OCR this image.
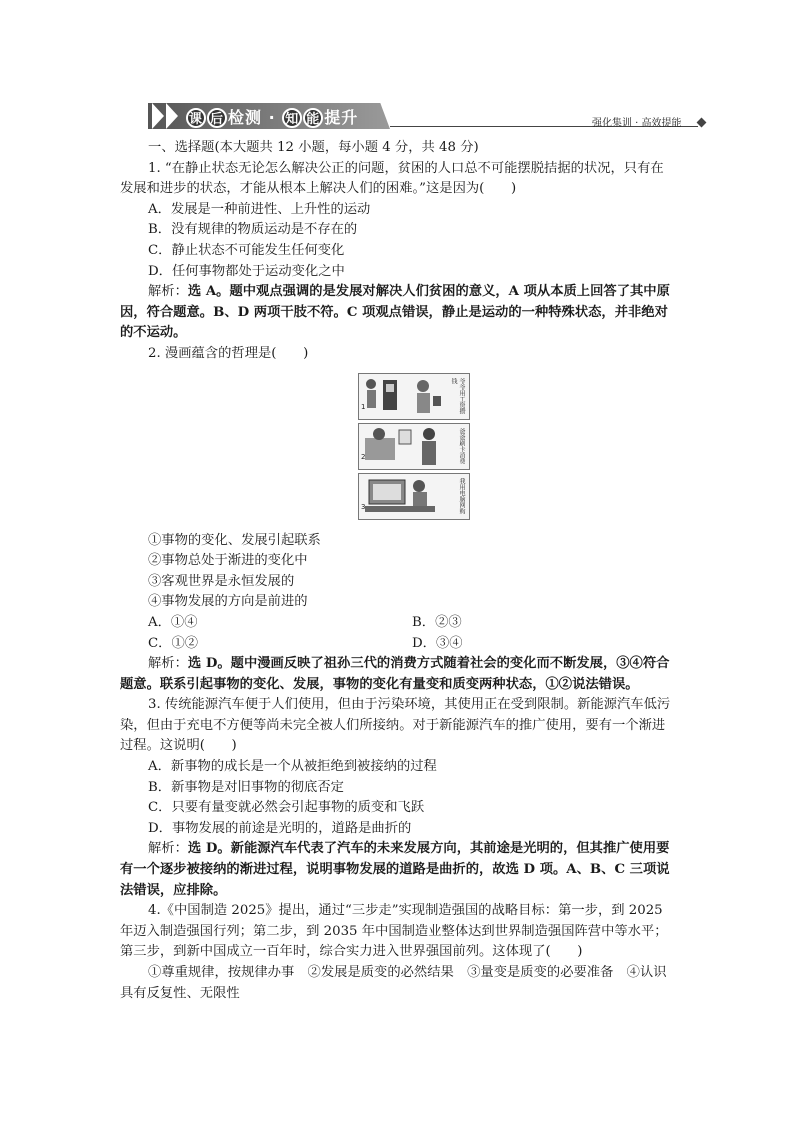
课 后 检测 · 知 能 提升	强化集训 · 高效提能

一、选择题(本大题共 12 小题，每小题 4 分，共 48 分)

1. “在静止状态无论怎么解决公正的问题，贫困的人口总不可能摆脱拮据的状况，只有在发展和进步的状态，才能从根本上解决人们的困难。”这是因为(　　)

A．发展是一种前进性、上升性的运动

B．没有规律的物质运动是不存在的

C．静止状态不可能发生任何变化

D．任何事物都处于运动变化之中

解析：选 A。题中观点强调的是发展对解决人们贫困的意义，A 项从本质上回答了其中原因，符合题意。B、D 两项干肢不符。C 项观点错误，静止是运动的一种特殊状态，并非绝对的不运动。

2. 漫画蕴含的哲理是(　　)

1	爷爷用工资攒钱
2	爸爸刷卡消费
3	我用电脑网购

①事物的变化、发展引起联系

②事物总处于渐进的变化中

③客观世界是永恒发展的

④事物发展的方向是前进的

A．①④	B．②③
C．①②	D．③④

解析：选 D。题中漫画反映了祖孙三代的消费方式随着社会的变化而不断发展，③④符合题意。联系引起事物的变化、发展，事物的变化有量变和质变两种状态，①②说法错误。

3. 传统能源汽车便于人们使用，但由于污染环境，其使用正在受到限制。新能源汽车低污染，但由于充电不方便等尚未完全被人们所接纳。对于新能源汽车的推广使用，要有一个渐进过程。这说明(　　)

A．新事物的成长是一个从被拒绝到被接纳的过程

B．新事物是对旧事物的彻底否定

C．只要有量变就必然会引起事物的质变和飞跃

D．事物发展的前途是光明的，道路是曲折的

解析：选 D。新能源汽车代表了汽车的未来发展方向，其前途是光明的，但其推广使用要有一个逐步被接纳的渐进过程，说明事物发展的道路是曲折的，故选 D 项。A、B、C 三项说法错误，应排除。

4.《中国制造 2025》提出，通过“三步走”实现制造强国的战略目标：第一步，到 2025 年迈入制造强国行列；第二步，到 2035 年中国制造业整体达到世界制造强国阵营中等水平；第三步，到新中国成立一百年时，综合实力进入世界强国前列。这体现了(　　)

①尊重规律，按规律办事　②发展是质变的必然结果　③量变是质变的必要准备　④认识具有反复性、无限性
